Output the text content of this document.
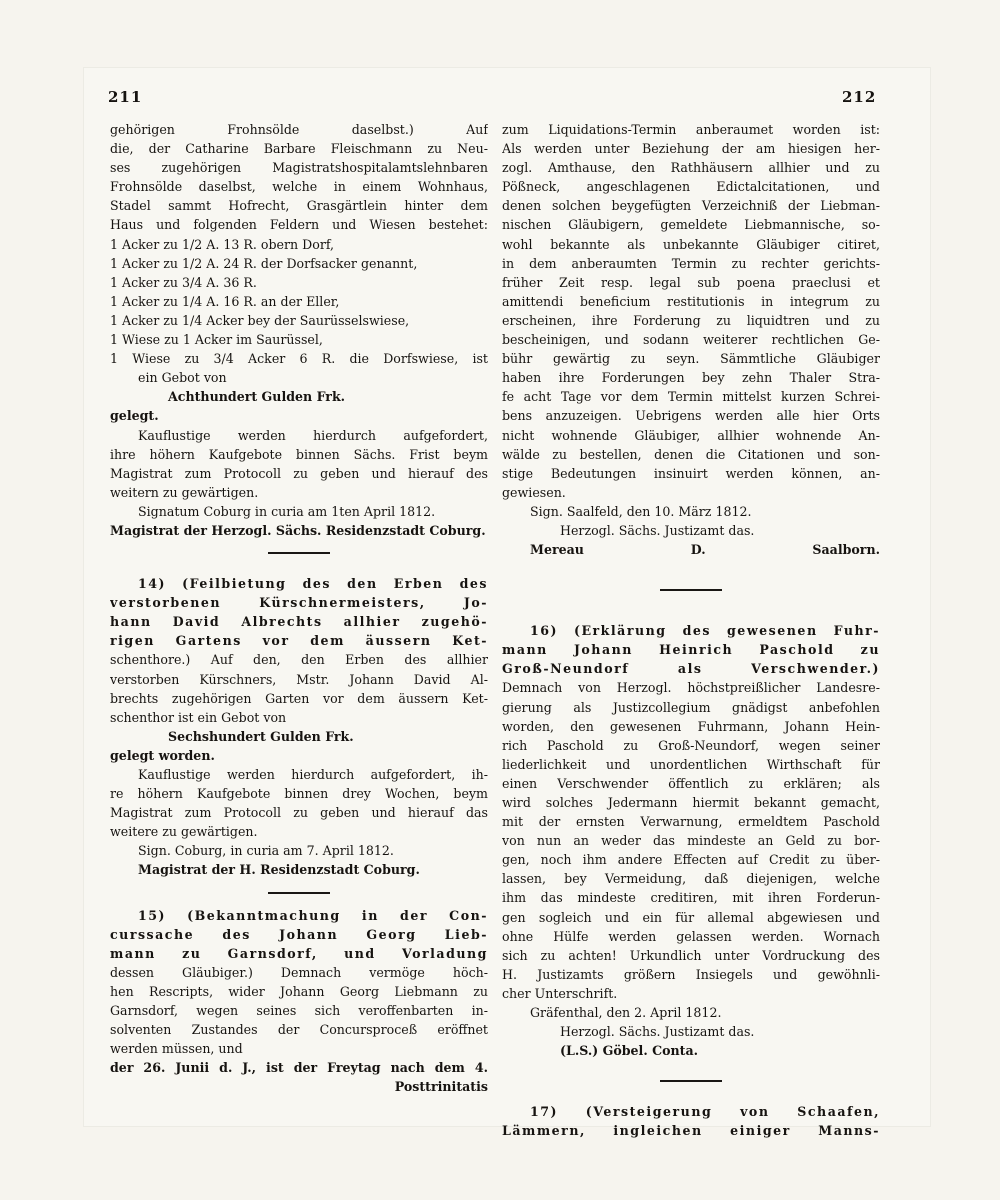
211	212

gehörigen Frohnsölde daselbst.) Auf
die, der Catharine Barbare Fleischmann zu Neu-
ses zugehörigen Magistratshospitalamtslehnbaren
Frohnsölde daselbst, welche in einem Wohnhaus,
Stadel sammt Hofrecht, Grasgärtlein hinter dem
Haus und folgenden Feldern und Wiesen bestehet:

1 Acker zu 1/2 A. 13 R. obern Dorf,
1 Acker zu 1/2 A. 24 R. der Dorfsacker genannt,
1 Acker zu 3/4 A. 36 R.
1 Acker zu 1/4 A. 16 R. an der Eller,
1 Acker zu 1/4 Acker bey der Saurüsselswiese,
1 Wiese zu 1 Acker im Saurüssel,
1 Wiese zu 3/4 Acker 6 R. die Dorfswiese, ist
ein Gebot von
Achthundert Gulden Frk.
gelegt.

Kauflustige werden hierdurch aufgefordert,
ihre höhern Kaufgebote binnen Sächs. Frist beym
Magistrat zum Protocoll zu geben und hierauf des
weitern zu gewärtigen.
Signatum Coburg in curia am 1ten April 1812.
Magistrat der Herzogl. Sächs. Residenzstadt Coburg.

14) (Feilbietung des den Erben des
verstorbenen Kürschnermeisters, Jo-
hann David Albrechts allhier zugehö-
rigen Gartens vor dem äussern Ket-
schenthore.) Auf den, den Erben des allhier
verstorben Kürschners, Mstr. Johann David Al-
brechts zugehörigen Garten vor dem äussern Ket-
schenthor ist ein Gebot von
Sechshundert Gulden Frk.
gelegt worden.
Kauflustige werden hierdurch aufgefordert, ih-
re höhern Kaufgebote binnen drey Wochen, beym
Magistrat zum Protocoll zu geben und hierauf das
weitere zu gewärtigen.
Sign. Coburg, in curia am 7. April 1812.
Magistrat der H. Residenzstadt Coburg.

15) (Bekanntmachung in der Con-
curssache des Johann Georg Lieb-
mann zu Garnsdorf, und Vorladung
dessen Gläubiger.) Demnach vermöge höch-
hen Rescripts, wider Johann Georg Liebmann zu
Garnsdorf, wegen seines sich veroffenbarten in-
solventen Zustandes der Concursproceß eröffnet
werden müssen, und
der 26. Junii d. J., ist der Freytag nach dem 4.
Posttrinitatis

zum Liquidations-Termin anberaumet worden ist:
Als werden unter Beziehung der am hiesigen her-
zogl. Amthause, den Rathhäusern allhier und zu
Pößneck, angeschlagenen Edictalcitationen, und
denen solchen beygefügten Verzeichniß der Liebman-
nischen Gläubigern, gemeldete Liebmannische, so-
wohl bekannte als unbekannte Gläubiger citiret,
in dem anberaumten Termin zu rechter gerichts-
früher Zeit resp. legal sub poena praeclusi et
amittendi beneficium restitutionis in integrum zu
erscheinen, ihre Forderung zu liquidtren und zu
bescheinigen, und sodann weiterer rechtlichen Ge-
bühr gewärtig zu seyn. Sämmtliche Gläubiger
haben ihre Forderungen bey zehn Thaler Stra-
fe acht Tage vor dem Termin mittelst kurzen Schrei-
bens anzuzeigen. Uebrigens werden alle hier Orts
nicht wohnende Gläubiger, allhier wohnende An-
wälde zu bestellen, denen die Citationen und son-
stige Bedeutungen insinuirt werden können, an-
gewiesen.
Sign. Saalfeld, den 10. März 1812.
Herzogl. Sächs. Justizamt das.
Mereau D.	Saalborn.

16) (Erklärung des gewesenen Fuhr-
mann Johann Heinrich Paschold zu
Groß-Neundorf als Verschwender.)
Demnach von Herzogl. höchstpreißlicher Landesre-
gierung als Justizcollegium gnädigst anbefohlen
worden, den gewesenen Fuhrmann, Johann Hein-
rich Paschold zu Groß-Neundorf, wegen seiner
liederlichkeit und unordentlichen Wirthschaft für
einen Verschwender öffentlich zu erklären; als
wird solches Jedermann hiermit bekannt gemacht,
mit der ernsten Verwarnung, ermeldtem Paschold
von nun an weder das mindeste an Geld zu bor-
gen, noch ihm andere Effecten auf Credit zu über-
lassen, bey Vermeidung, daß diejenigen, welche
ihm das mindeste creditiren, mit ihren Forderun-
gen sogleich und ein für allemal abgewiesen und
ohne Hülfe werden gelassen werden. Wornach
sich zu achten! Urkundlich unter Vordruckung des
H. Justizamts größern Insiegels und gewöhnli-
cher Unterschrift.
Gräfenthal, den 2. April 1812.
Herzogl. Sächs. Justizamt das.
(L.S.) Göbel. Conta.

17) (Versteigerung von Schaafen,
Lämmern, ingleichen einiger Manns-
